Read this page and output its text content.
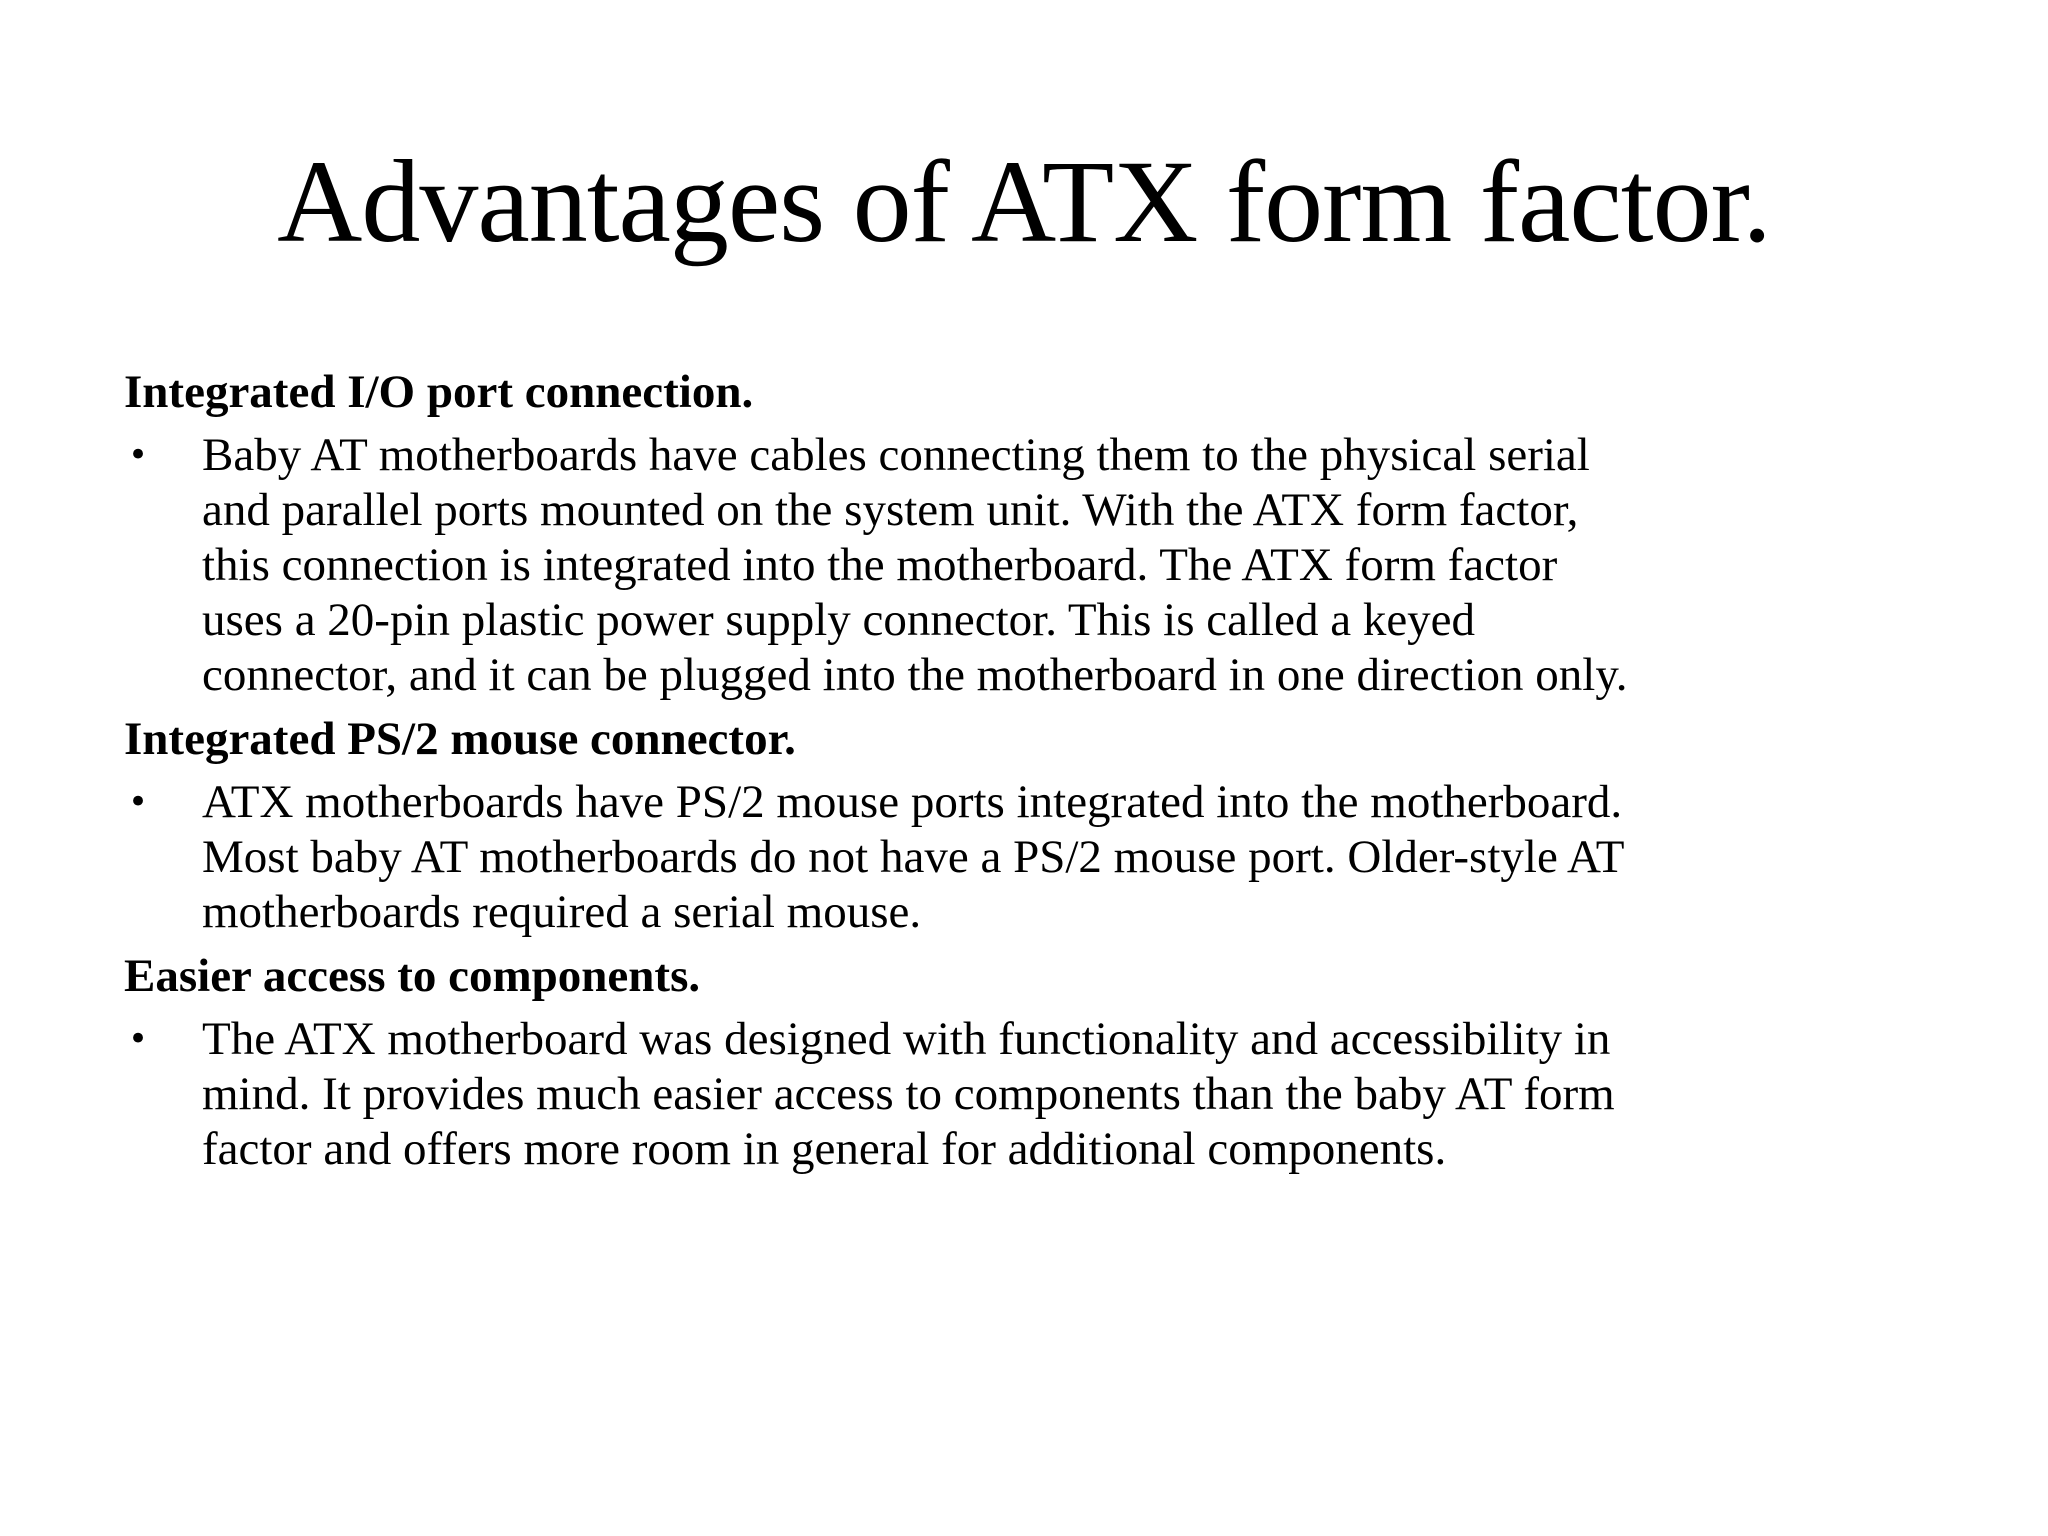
Advantages of ATX form factor.
Integrated I/O port connection.
• Baby AT motherboards have cables connecting them to the physical serial
and parallel ports mounted on the system unit. With the ATX form factor,
this connection is integrated into the motherboard. The ATX form factor
uses a 20-pin plastic power supply connector. This is called a keyed
connector, and it can be plugged into the motherboard in one direction only.
Integrated PS/2 mouse connector.
• ATX motherboards have PS/2 mouse ports integrated into the motherboard.
Most baby AT motherboards do not have a PS/2 mouse port. Older-style AT
motherboards required a serial mouse.
Easier access to components.
• The ATX motherboard was designed with functionality and accessibility in
mind. It provides much easier access to components than the baby AT form
factor and offers more room in general for additional components.
